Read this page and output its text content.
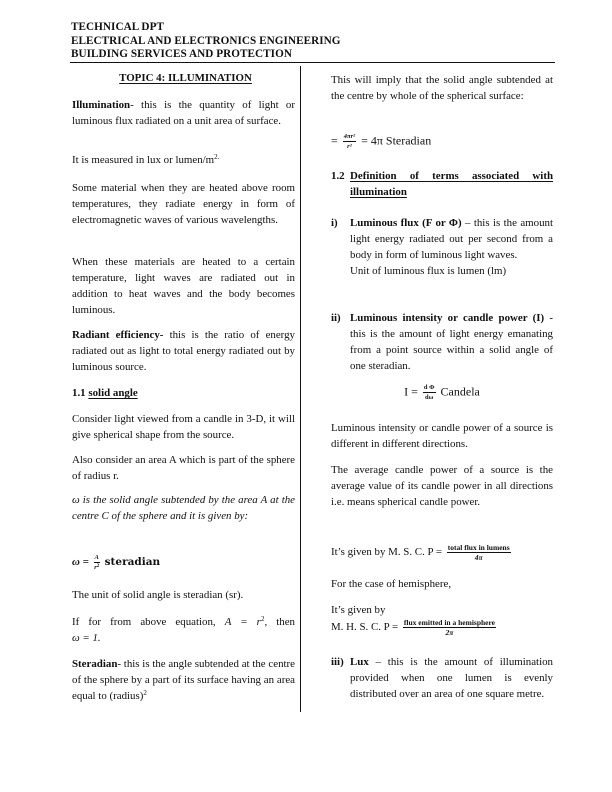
TECHNICAL DPT
ELECTRICAL AND ELECTRONICS ENGINEERING
BUILDING SERVICES AND PROTECTION

TOPIC 4: ILLUMINATION

Illumination- this is the quantity of light or luminous flux radiated on a unit area of surface.

It is measured in lux or lumen/$m^{2.}$

Some material when they are heated above room temperatures, they radiate energy in form of electromagnetic waves of various wavelengths.

When these materials are heated to a certain temperature, light waves are radiated out in addition to heat waves and the body becomes luminous.

Radiant efficiency- this is the ratio of energy radiated out as light to total energy radiated out by luminous source.

1.1 solid angle

Consider light viewed from a candle in 3-D, it will give spherical shape from the source.

Also consider an area A which is part of the sphere of radius r.

ω is the solid angle subtended by the area A at the centre C of the sphere and it is given by:

$\omega = \frac{A}{r^2}$ steradian

The unit of solid angle is steradian (sr).

If for from above equation, $A = r^2$, then

ω = 1.

Steradian- this is the angle subtended at the centre of the sphere by a part of its surface having an area equal to (radius)$^2$

This will imply that the solid angle subtended at the centre by whole of the spherical surface:

= $\frac{\text{4πr²}}{\text{r²}} = 4\pi$ Steradian
1.2 Definition of terms associated with illumination

i) Luminous flux (F or Φ) – this is the amount light energy radiated out per second from a body in form of luminous light waves.

Unit of luminous flux is lumen (lm)

ii) Luminous intensity or candle power (I) - this is the amount of light energy emanating from a point source within a solid angle of one steradian.

$I = \frac{\text{d Φ}}{d\omega}$ Candela

Luminous intensity or candle power of a source is different in different directions.

The average candle power of a source is the average value of its candle power in all directions i.e. means spherical candle power.

It’s given by M. S. C. $P = \frac{\text{total flux in lumens}}{4\pi}$

For the case of hemisphere,

It’s given by

M. H. S. C. $P = \frac{\text{flux emitted in a hemisphere}}{2\pi}$
iii) Lux – this is the amount of illumination provided when one lumen is evenly distributed over an area of one square metre.
